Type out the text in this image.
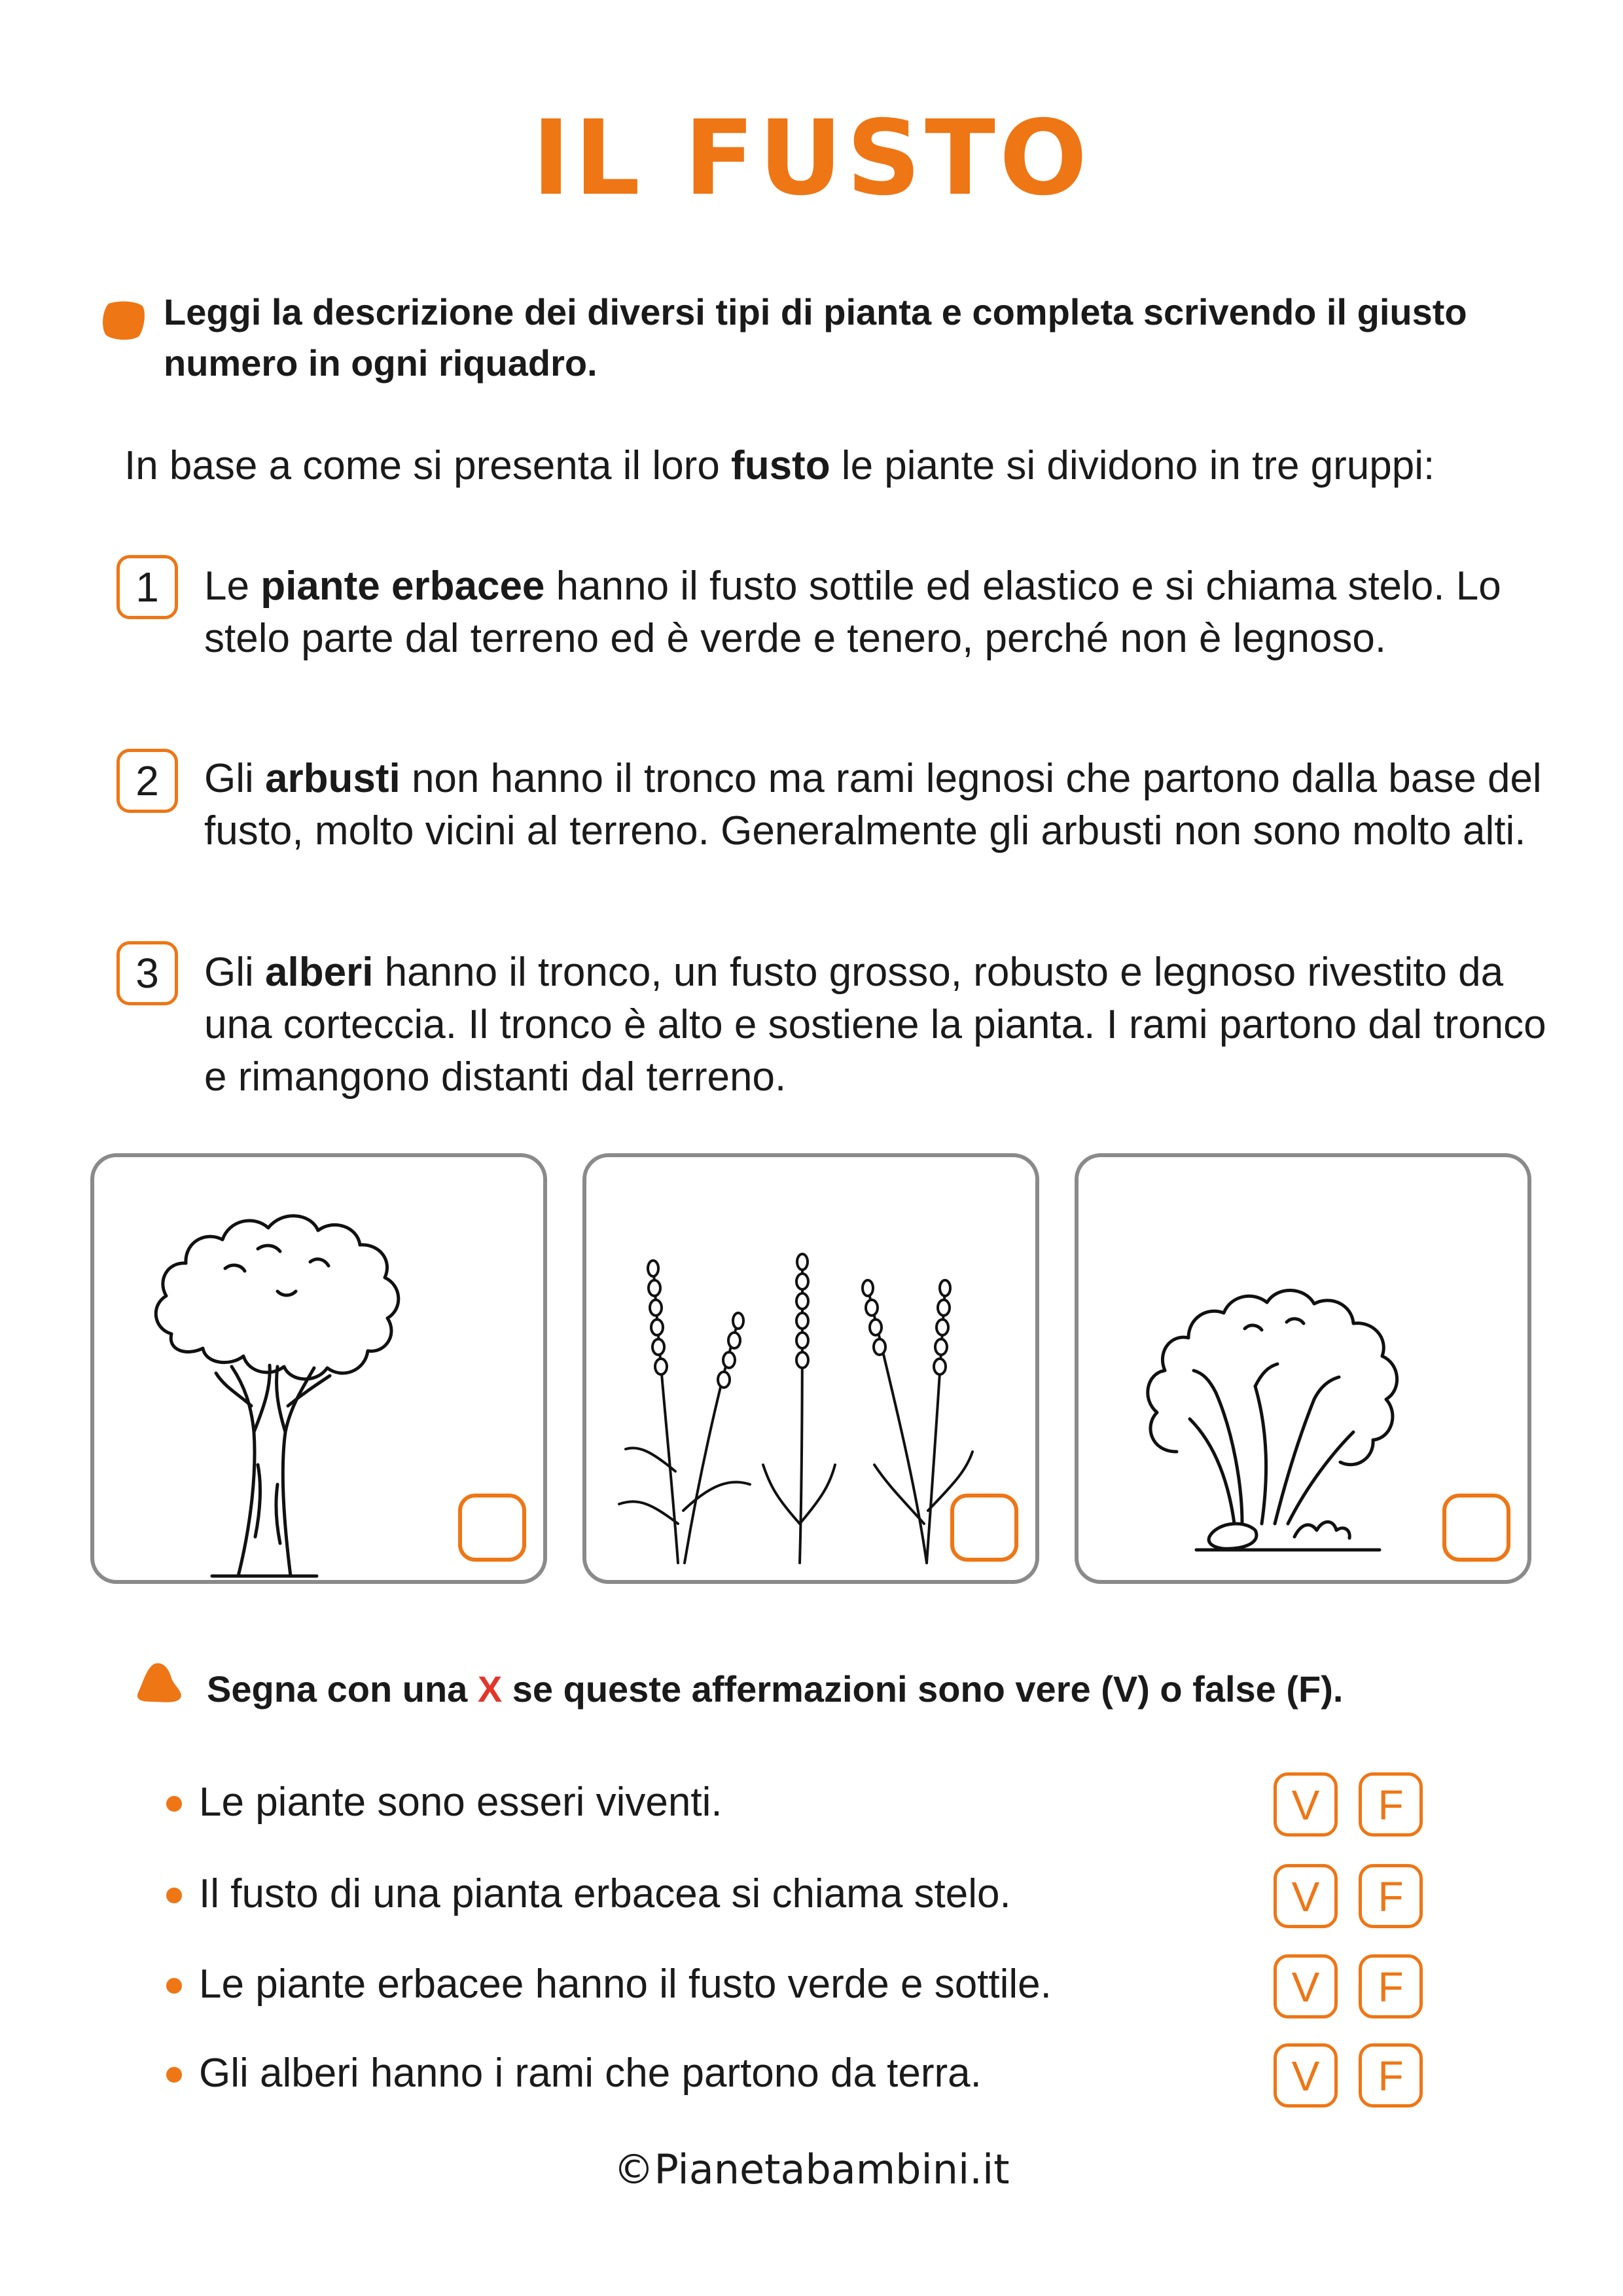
IL FUSTO
Leggi la descrizione dei diversi tipi di pianta e completa scrivendo il giusto numero in ogni riquadro.
In base a come si presenta il loro fusto le piante si dividono in tre gruppi:
1	Le piante erbacee hanno il fusto sottile ed elastico e si chiama stelo. Lo stelo parte dal terreno ed è verde e tenero, perché non è legnoso.
2	Gli arbusti non hanno il tronco ma rami legnosi che partono dalla base del fusto, molto vicini al terreno. Generalmente gli arbusti non sono molto alti.
3	Gli alberi hanno il tronco, un fusto grosso, robusto e legnoso rivestito da una corteccia. Il tronco è alto e sostiene la pianta. I rami partono dal tronco e rimangono distanti dal terreno.
Segna con una X se queste affermazioni sono vere (V) o false (F).
Le piante sono esseri viventi.	V	F
Il fusto di una pianta erbacea si chiama stelo.	V	F
Le piante erbacee hanno il fusto verde e sottile.	V	F
Gli alberi hanno i rami che partono da terra.	V	F
©Pianetabambini.it
